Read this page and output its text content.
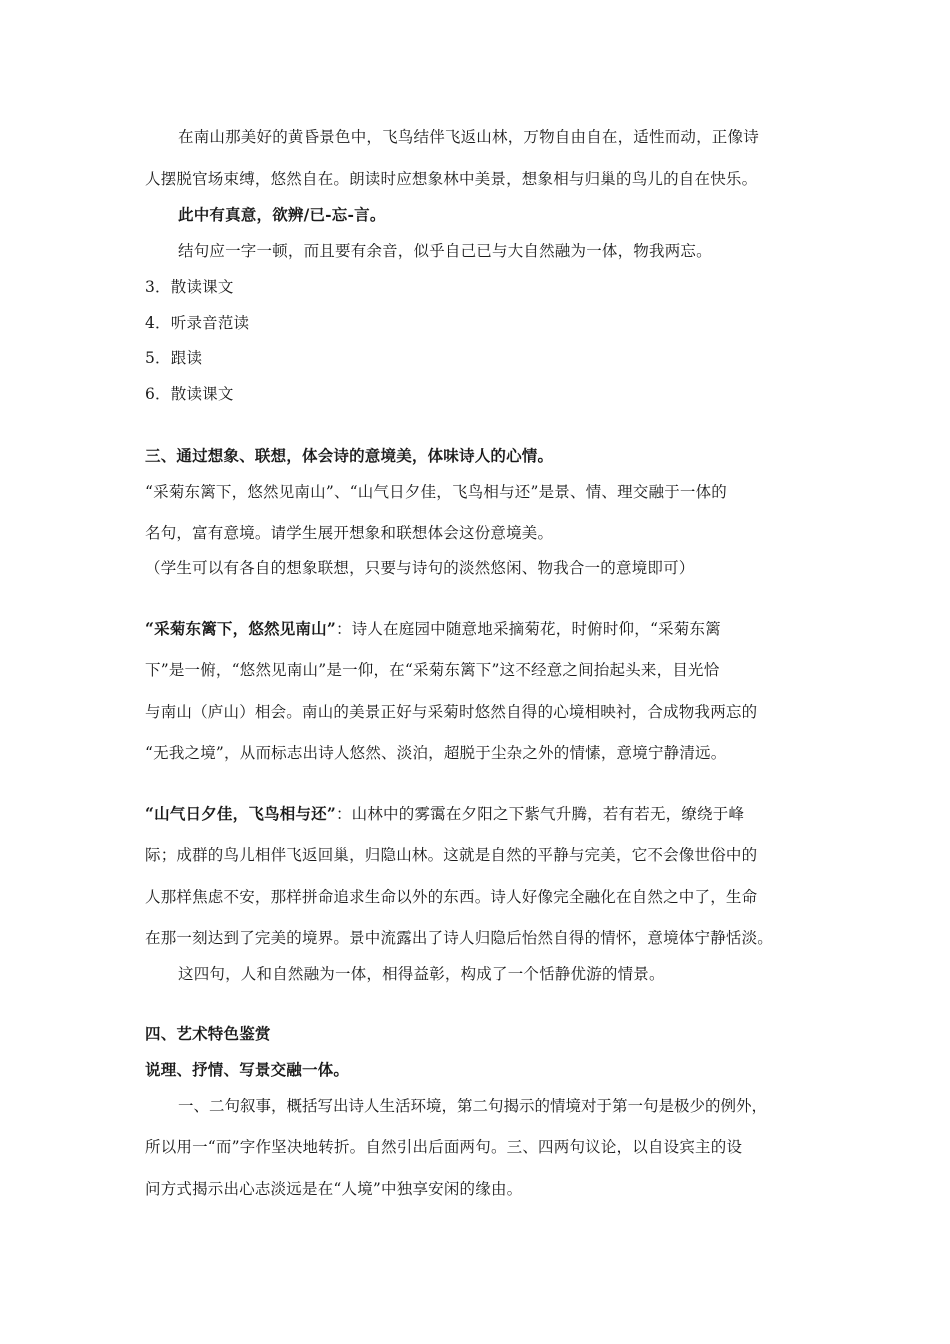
在南山那美好的黄昏景色中，飞鸟结伴飞返山林，万物自由自在，适性而动，正像诗
人摆脱官场束缚，悠然自在。朗读时应想象林中美景，想象相与归巢的鸟儿的自在快乐。
此中有真意，欲辨/已-忘-言。
结句应一字一顿，而且要有余音，似乎自己已与大自然融为一体，物我两忘。
3．散读课文
4．听录音范读
5．跟读
6．散读课文
三、通过想象、联想，体会诗的意境美，体味诗人的心情。
“采菊东篱下，悠然见南山”、“山气日夕佳，飞鸟相与还”是景、情、理交融于一体的
名句，富有意境。请学生展开想象和联想体会这份意境美。
（学生可以有各自的想象联想，只要与诗句的淡然悠闲、物我合一的意境即可）
“采菊东篱下，悠然见南山”：诗人在庭园中随意地采摘菊花，时俯时仰，“采菊东篱
下”是一俯，“悠然见南山”是一仰，在“采菊东篱下”这不经意之间抬起头来，目光恰
与南山（庐山）相会。南山的美景正好与采菊时悠然自得的心境相映衬，合成物我两忘的
“无我之境”，从而标志出诗人悠然、淡泊，超脱于尘杂之外的情愫，意境宁静清远。
“山气日夕佳，飞鸟相与还”：山林中的雾霭在夕阳之下紫气升腾，若有若无，缭绕于峰
际；成群的鸟儿相伴飞返回巢，归隐山林。这就是自然的平静与完美，它不会像世俗中的
人那样焦虑不安，那样拼命追求生命以外的东西。诗人好像完全融化在自然之中了，生命
在那一刻达到了完美的境界。景中流露出了诗人归隐后怡然自得的情怀，意境体宁静恬淡。
这四句，人和自然融为一体，相得益彰，构成了一个恬静优游的情景。
四、艺术特色鉴赏
说理、抒情、写景交融一体。
一、二句叙事，概括写出诗人生活环境，第二句揭示的情境对于第一句是极少的例外，
所以用一“而”字作坚决地转折。自然引出后面两句。三、四两句议论，以自设宾主的设
问方式揭示出心志淡远是在“人境”中独享安闲的缘由。
